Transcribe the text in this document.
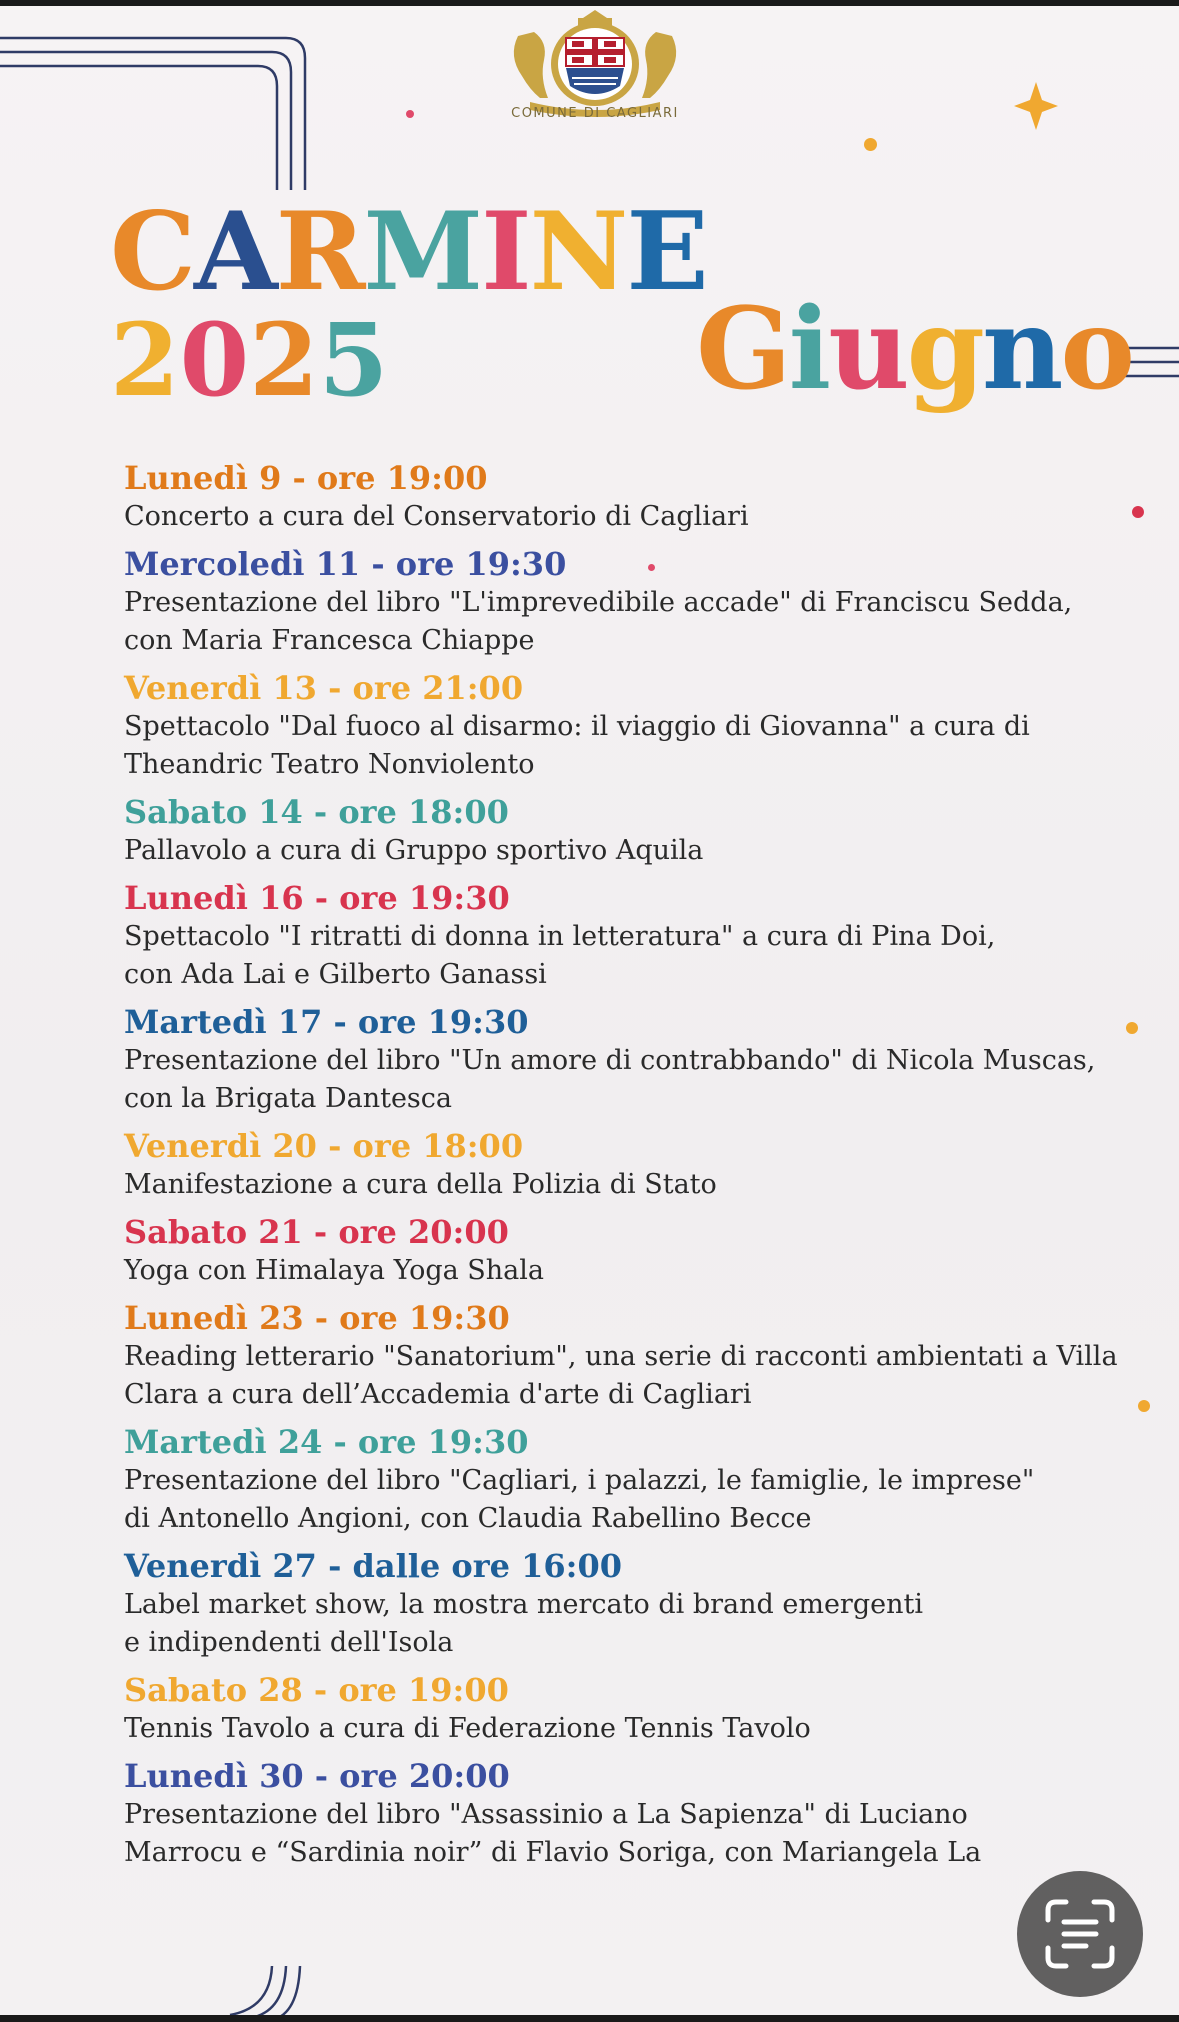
COMUNE DI CAGLIARI
CARMINE
2025	Giugno
Lunedì 9 - ore 19:00
Concerto a cura del Conservatorio di Cagliari
Mercoledì 11 - ore 19:30
Presentazione del libro "L'imprevedibile accade" di Franciscu Sedda,
con Maria Francesca Chiappe
Venerdì 13 - ore 21:00
Spettacolo "Dal fuoco al disarmo: il viaggio di Giovanna" a cura di
Theandric Teatro Nonviolento
Sabato 14 - ore 18:00
Pallavolo a cura di Gruppo sportivo Aquila
Lunedì 16 - ore 19:30
Spettacolo "I ritratti di donna in letteratura" a cura di Pina Doi,
con Ada Lai e Gilberto Ganassi
Martedì 17 - ore 19:30
Presentazione del libro "Un amore di contrabbando" di Nicola Muscas,
con la Brigata Dantesca
Venerdì 20 - ore 18:00
Manifestazione a cura della Polizia di Stato
Sabato 21 - ore 20:00
Yoga con Himalaya Yoga Shala
Lunedì 23 - ore 19:30
Reading letterario "Sanatorium", una serie di racconti ambientati a Villa
Clara a cura dell’Accademia d'arte di Cagliari
Martedì 24 - ore 19:30
Presentazione del libro "Cagliari, i palazzi, le famiglie, le imprese"
di Antonello Angioni, con Claudia Rabellino Becce
Venerdì 27 - dalle ore 16:00
Label market show, la mostra mercato di brand emergenti
e indipendenti dell'Isola
Sabato 28 - ore 19:00
Tennis Tavolo a cura di Federazione Tennis Tavolo
Lunedì 30 - ore 20:00
Presentazione del libro "Assassinio a La Sapienza" di Luciano
Marrocu e “Sardinia noir” di Flavio Soriga, con Mariangela La
